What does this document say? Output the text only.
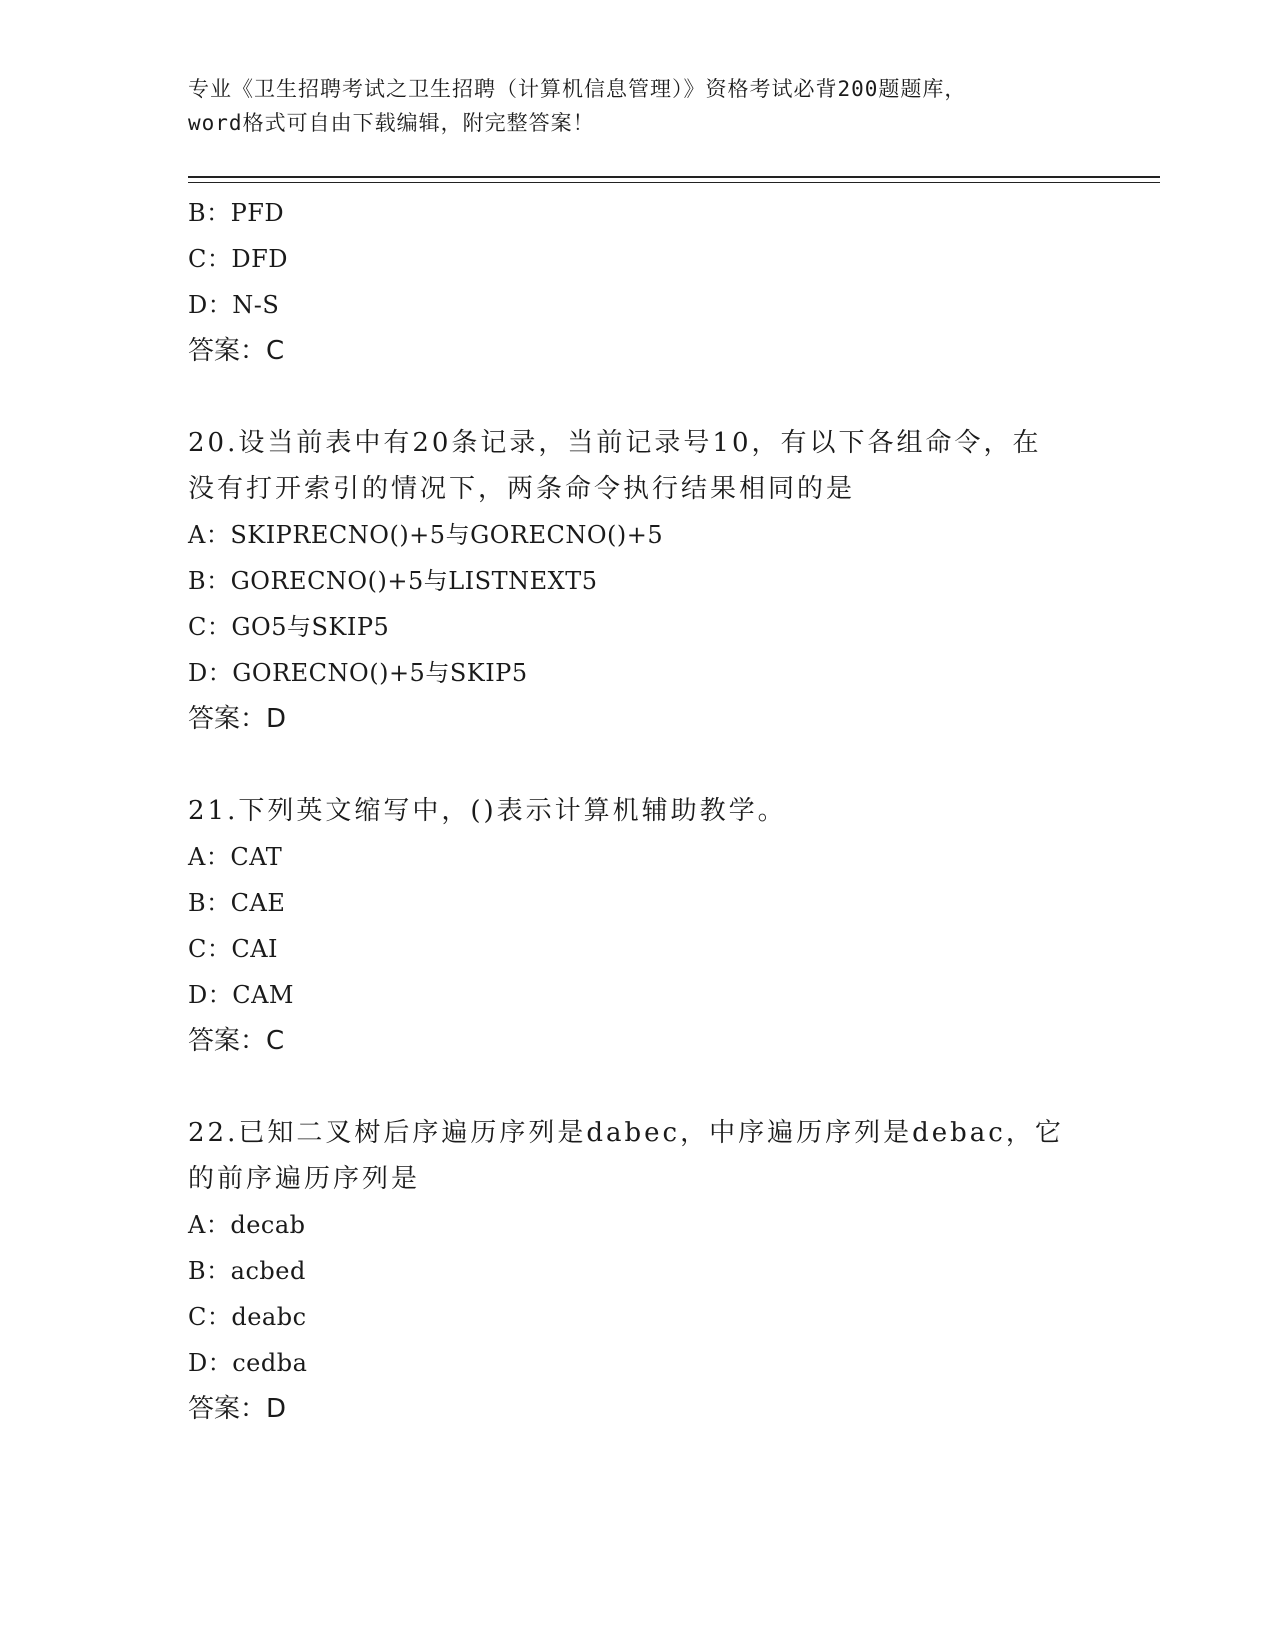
专业《卫生招聘考试之卫生招聘（计算机信息管理）》资格考试必背200题题库，

word格式可自由下载编辑，附完整答案！

B：PFD
C：DFD
D：N-S
答案：C
20.设当前表中有20条记录，当前记录号10，有以下各组命令，在没有打开索引的情况下，两条命令执行结果相同的是
A：SKIPRECNO()+5与GORECNO()+5
B：GORECNO()+5与LISTNEXT5
C：GO5与SKIP5
D：GORECNO()+5与SKIP5
答案：D
21.下列英文缩写中，()表示计算机辅助教学。
A：CAT
B：CAE
C：CAI
D：CAM
答案：C
22.已知二叉树后序遍历序列是dabec，中序遍历序列是debac，它的前序遍历序列是
A：decab
B：acbed
C：deabc
D：cedba
答案：D
